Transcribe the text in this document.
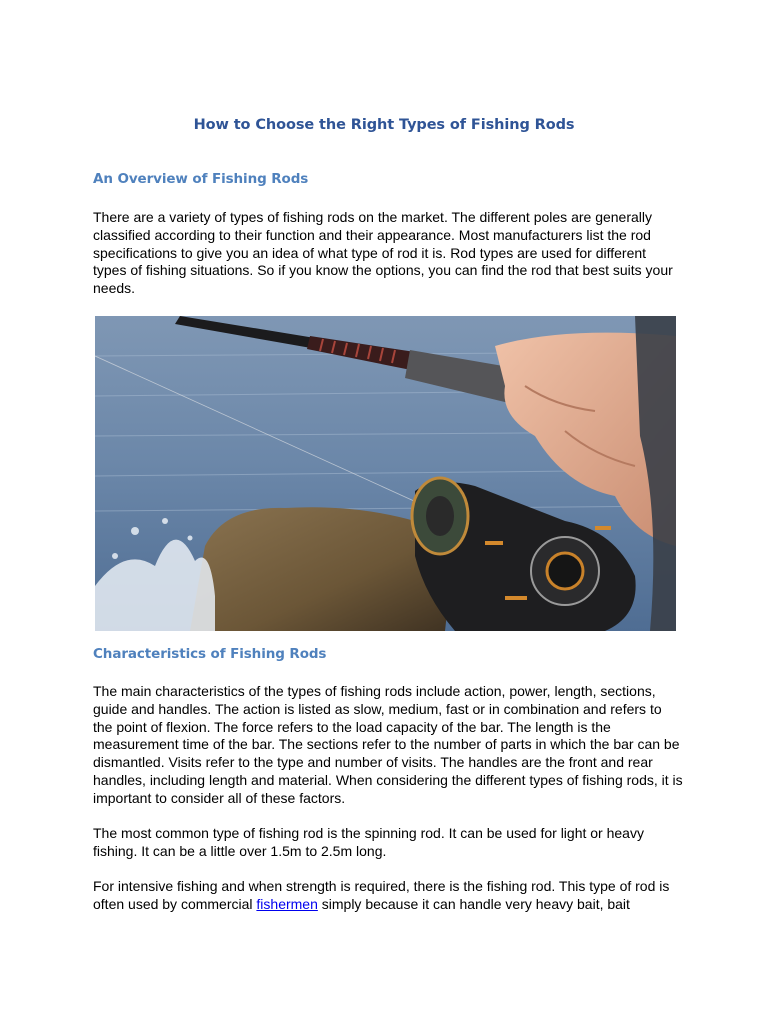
How to Choose the Right Types of Fishing Rods
An Overview of Fishing Rods

There are a variety of types of fishing rods on the market. The different poles are generally classified according to their function and their appearance. Most manufacturers list the rod specifications to give you an idea of what type of rod it is. Rod types are used for different types of fishing situations. So if you know the options, you can find the rod that best suits your needs.

Characteristics of Fishing Rods

The main characteristics of the types of fishing rods include action, power, length, sections, guide and handles. The action is listed as slow, medium, fast or in combination and refers to the point of flexion. The force refers to the load capacity of the bar. The length is the measurement time of the bar. The sections refer to the number of parts in which the bar can be dismantled. Visits refer to the type and number of visits. The handles are the front and rear handles, including length and material. When considering the different types of fishing rods, it is important to consider all of these factors.

The most common type of fishing rod is the spinning rod. It can be used for light or heavy fishing. It can be a little over 1.5m to 2.5m long.

For intensive fishing and when strength is required, there is the fishing rod. This type of rod is often used by commercial fishermen simply because it can handle very heavy bait, bait
